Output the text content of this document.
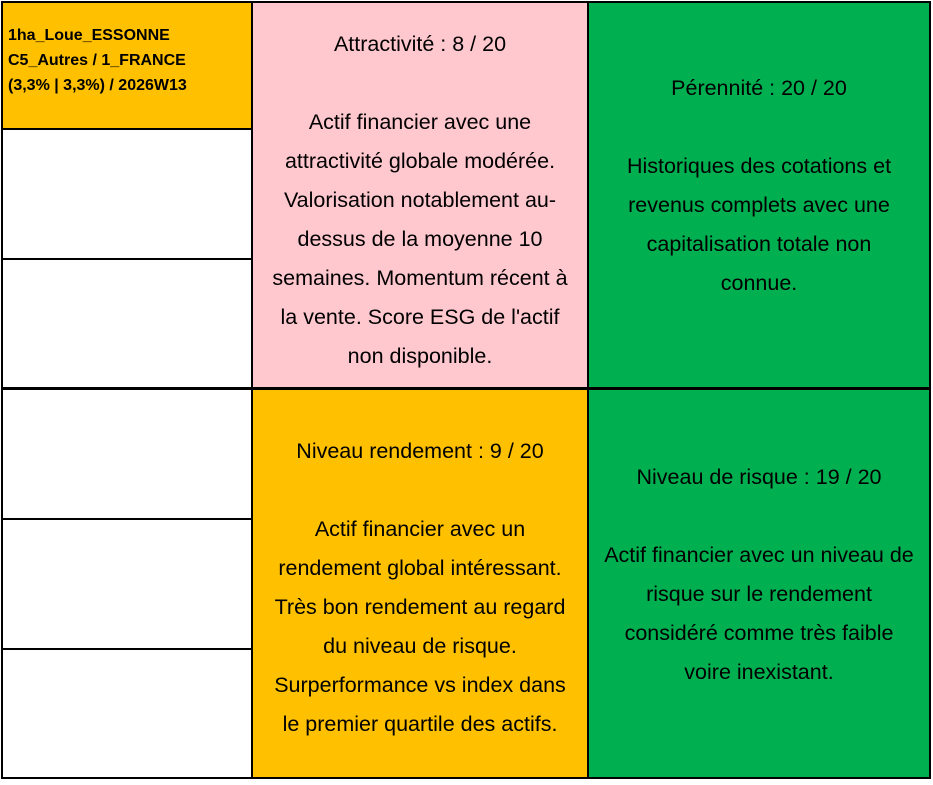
1ha_Loue_ESSONNE
C5_Autres / 1_FRANCE
(3,3% | 3,3%) / 2026W13
Attractivité : 8 / 20
Actif financier avec une
attractivité globale modérée.
Valorisation notablement au-
dessus de la moyenne 10
semaines. Momentum récent à
la vente. Score ESG de l'actif
non disponible.
Pérennité : 20 / 20
Historiques des cotations et
revenus complets avec une
capitalisation totale non
connue.
Niveau rendement : 9 / 20
Actif financier avec un
rendement global intéressant.
Très bon rendement au regard
du niveau de risque.
Surperformance vs index dans
le premier quartile des actifs.
Niveau de risque : 19 / 20
Actif financier avec un niveau de
risque sur le rendement
considéré comme très faible
voire inexistant.
